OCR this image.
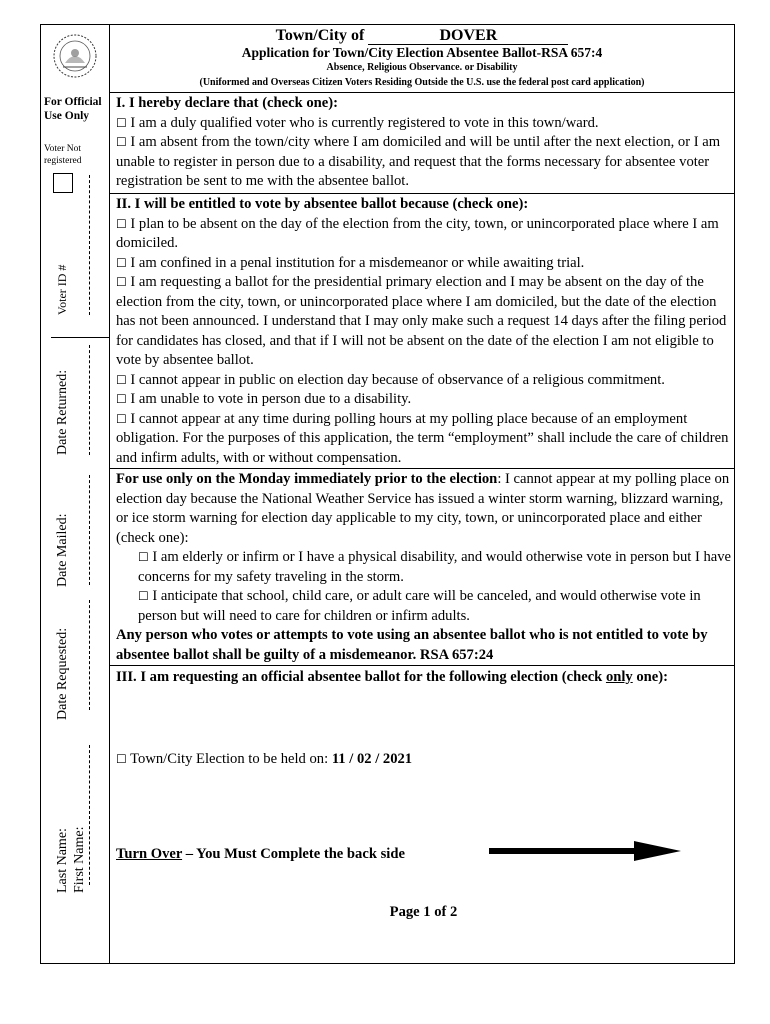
Town/City of	DOVER
Application for Town/City Election Absentee Ballot-RSA 657:4
Absence, Religious Observance. or Disability
(Uniformed and Overseas Citizen Voters Residing Outside the U.S. use the federal post card application)
For Official Use Only
Voter Not registered
Voter ID #
Date Returned:
Date Mailed:
Date Requested:
Last Name: First Name:
I. I hereby declare that (check one):
☐ I am a duly qualified voter who is currently registered to vote in this town/ward.
☐ I am absent from the town/city where I am domiciled and will be until after the next election, or I am unable to register in person due to a disability, and request that the forms necessary for absentee voter registration be sent to me with the absentee ballot.
II. I will be entitled to vote by absentee ballot because (check one):
☐ I plan to be absent on the day of the election from the city, town, or unincorporated place where I am domiciled.
☐ I am confined in a penal institution for a misdemeanor or while awaiting trial.
☐ I am requesting a ballot for the presidential primary election and I may be absent on the day of the election from the city, town, or unincorporated place where I am domiciled, but the date of the election has not been announced. I understand that I may only make such a request 14 days after the filing period for candidates has closed, and that if I will not be absent on the date of the election I am not eligible to vote by absentee ballot.
☐ I cannot appear in public on election day because of observance of a religious commitment.
☐ I am unable to vote in person due to a disability.
☐ I cannot appear at any time during polling hours at my polling place because of an employment obligation. For the purposes of this application, the term “employment” shall include the care of children and infirm adults, with or without compensation.
For use only on the Monday immediately prior to the election: I cannot appear at my polling place on election day because the National Weather Service has issued a winter storm warning, blizzard warning, or ice storm warning for election day applicable to my city, town, or unincorporated place and either (check one):
☐ I am elderly or infirm or I have a physical disability, and would otherwise vote in person but I have concerns for my safety traveling in the storm.
☐ I anticipate that school, child care, or adult care will be canceled, and would otherwise vote in person but will need to care for children or infirm adults.
Any person who votes or attempts to vote using an absentee ballot who is not entitled to vote by absentee ballot shall be guilty of a misdemeanor. RSA 657:24
III. I am requesting an official absentee ballot for the following election (check only one):
☐ Town/City Election to be held on: 11 / 02 / 2021
Turn Over – You Must Complete the back side
Page 1 of 2
